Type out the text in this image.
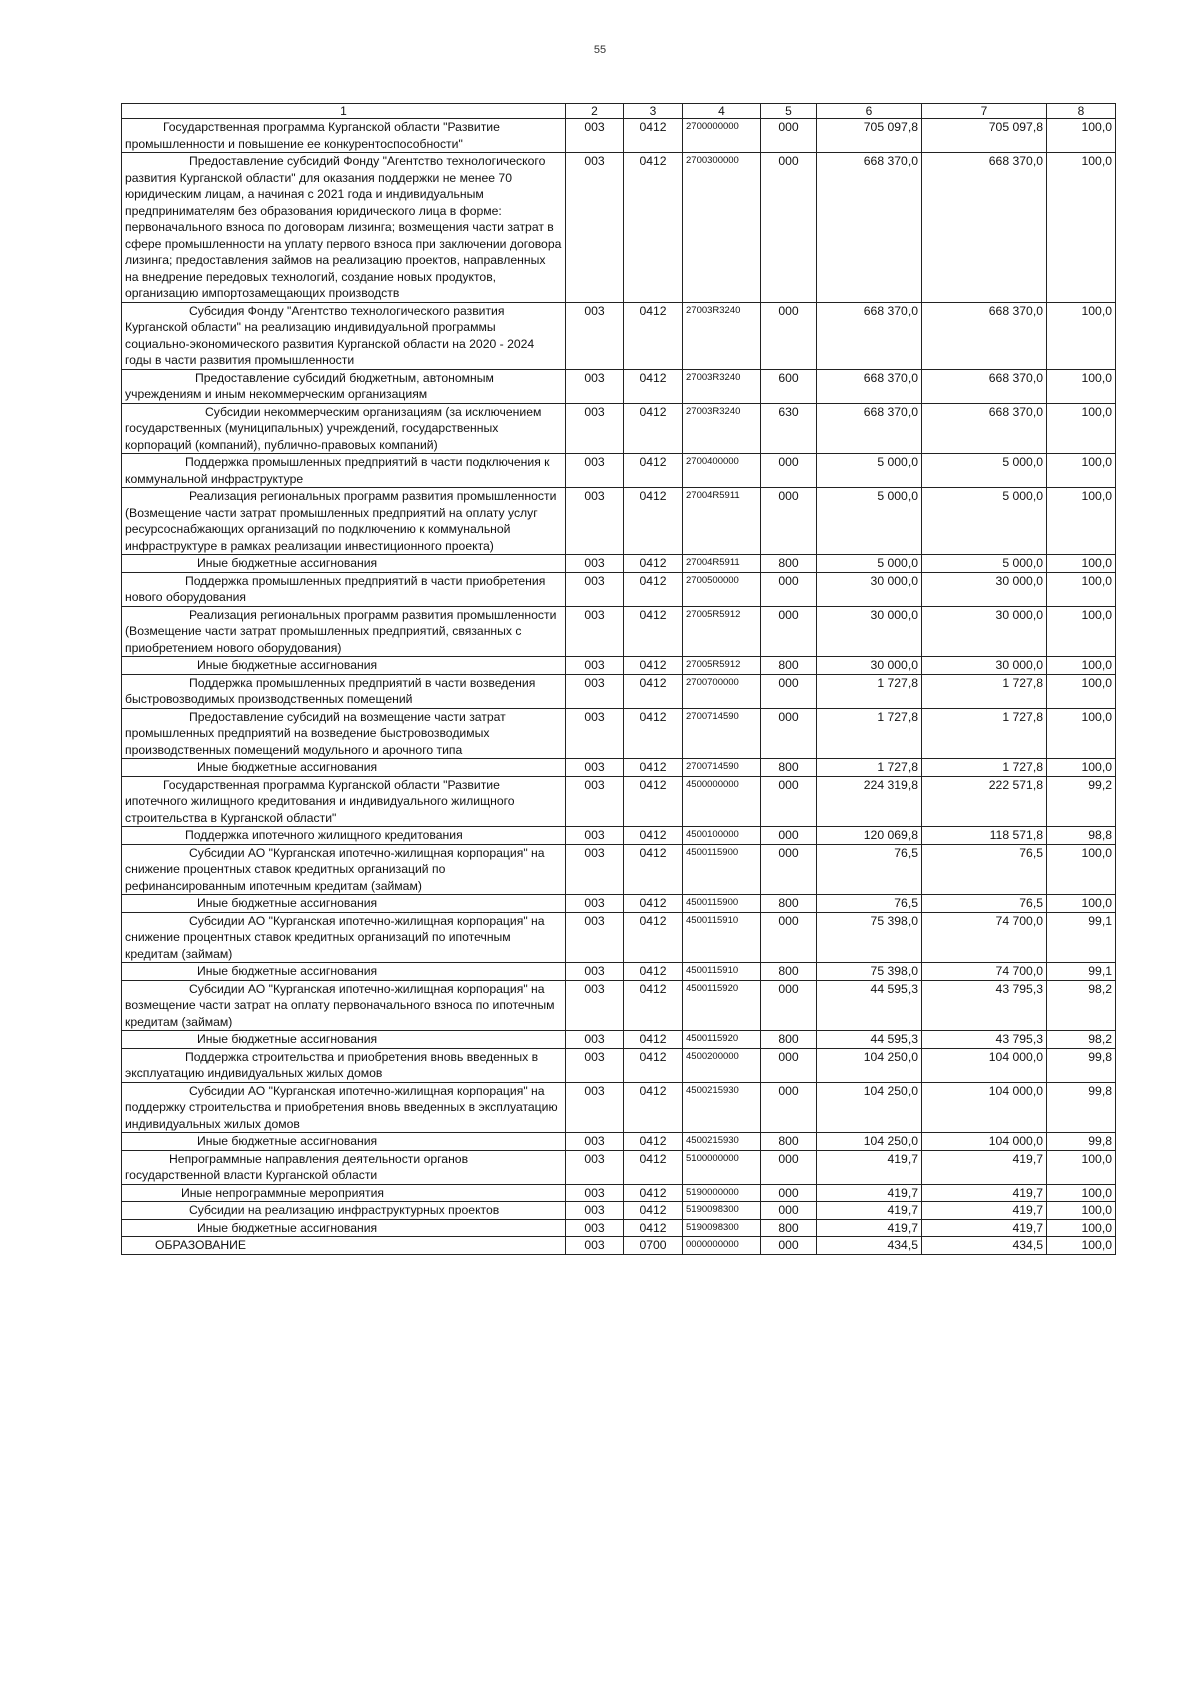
55
1	2	3	4	5	6	7	8
Государственная программа Курганской области "Развитие промышленности и повышение ее конкурентоспособности"	003	0412	2700000000	000	705 097,8	705 097,8	100,0
Предоставление субсидий Фонду "Агентство технологического развития Курганской области" для оказания поддержки не менее 70 юридическим лицам, а начиная с 2021 года и индивидуальным предпринимателям без образования юридического лица в форме: первоначального взноса по договорам лизинга; возмещения части затрат в сфере промышленности на уплату первого взноса при заключении договора лизинга; предоставления займов на реализацию проектов, направленных на внедрение передовых технологий, создание новых продуктов, организацию импортозамещающих производств	003	0412	2700300000	000	668 370,0	668 370,0	100,0
Субсидия Фонду "Агентство технологического развития Курганской области" на реализацию индивидуальной программы социально-экономического развития Курганской области на 2020 - 2024 годы в части развития промышленности	003	0412	27003R3240	000	668 370,0	668 370,0	100,0
Предоставление субсидий бюджетным, автономным учреждениям и иным некоммерческим организациям	003	0412	27003R3240	600	668 370,0	668 370,0	100,0
Субсидии некоммерческим организациям (за исключением государственных (муниципальных) учреждений, государственных корпораций (компаний), публично-правовых компаний)	003	0412	27003R3240	630	668 370,0	668 370,0	100,0
Поддержка промышленных предприятий в части подключения к коммунальной инфраструктуре	003	0412	2700400000	000	5 000,0	5 000,0	100,0
Реализация региональных программ развития промышленности (Возмещение части затрат промышленных предприятий на оплату услуг ресурсоснабжающих организаций по подключению к коммунальной инфраструктуре в рамках реализации инвестиционного проекта)	003	0412	27004R5911	000	5 000,0	5 000,0	100,0
Иные бюджетные ассигнования	003	0412	27004R5911	800	5 000,0	5 000,0	100,0
Поддержка промышленных предприятий в части приобретения нового оборудования	003	0412	2700500000	000	30 000,0	30 000,0	100,0
Реализация региональных программ развития промышленности (Возмещение части затрат промышленных предприятий, связанных с приобретением нового оборудования)	003	0412	27005R5912	000	30 000,0	30 000,0	100,0
Иные бюджетные ассигнования	003	0412	27005R5912	800	30 000,0	30 000,0	100,0
Поддержка промышленных предприятий в части возведения быстровозводимых производственных помещений	003	0412	2700700000	000	1 727,8	1 727,8	100,0
Предоставление субсидий на возмещение части затрат промышленных предприятий на возведение быстровозводимых производственных помещений модульного и арочного типа	003	0412	2700714590	000	1 727,8	1 727,8	100,0
Иные бюджетные ассигнования	003	0412	2700714590	800	1 727,8	1 727,8	100,0
Государственная программа Курганской области "Развитие ипотечного жилищного кредитования и индивидуального жилищного строительства в Курганской области"	003	0412	4500000000	000	224 319,8	222 571,8	99,2
Поддержка ипотечного жилищного кредитования	003	0412	4500100000	000	120 069,8	118 571,8	98,8
Субсидии АО "Курганская ипотечно-жилищная корпорация" на снижение процентных ставок кредитных организаций по рефинансированным ипотечным кредитам (займам)	003	0412	4500115900	000	76,5	76,5	100,0
Иные бюджетные ассигнования	003	0412	4500115900	800	76,5	76,5	100,0
Субсидии АО "Курганская ипотечно-жилищная корпорация" на снижение процентных ставок кредитных организаций по ипотечным кредитам (займам)	003	0412	4500115910	000	75 398,0	74 700,0	99,1
Иные бюджетные ассигнования	003	0412	4500115910	800	75 398,0	74 700,0	99,1
Субсидии АО "Курганская ипотечно-жилищная корпорация" на возмещение части затрат на оплату первоначального взноса по ипотечным кредитам (займам)	003	0412	4500115920	000	44 595,3	43 795,3	98,2
Иные бюджетные ассигнования	003	0412	4500115920	800	44 595,3	43 795,3	98,2
Поддержка строительства и приобретения вновь введенных в эксплуатацию индивидуальных жилых домов	003	0412	4500200000	000	104 250,0	104 000,0	99,8
Субсидии АО "Курганская ипотечно-жилищная корпорация" на поддержку строительства и приобретения вновь введенных в эксплуатацию индивидуальных жилых домов	003	0412	4500215930	000	104 250,0	104 000,0	99,8
Иные бюджетные ассигнования	003	0412	4500215930	800	104 250,0	104 000,0	99,8
Непрограммные направления деятельности органов государственной власти Курганской области	003	0412	5100000000	000	419,7	419,7	100,0
Иные непрограммные мероприятия	003	0412	5190000000	000	419,7	419,7	100,0
Субсидии на реализацию инфраструктурных проектов	003	0412	5190098300	000	419,7	419,7	100,0
Иные бюджетные ассигнования	003	0412	5190098300	800	419,7	419,7	100,0
ОБРАЗОВАНИЕ	003	0700	0000000000	000	434,5	434,5	100,0
